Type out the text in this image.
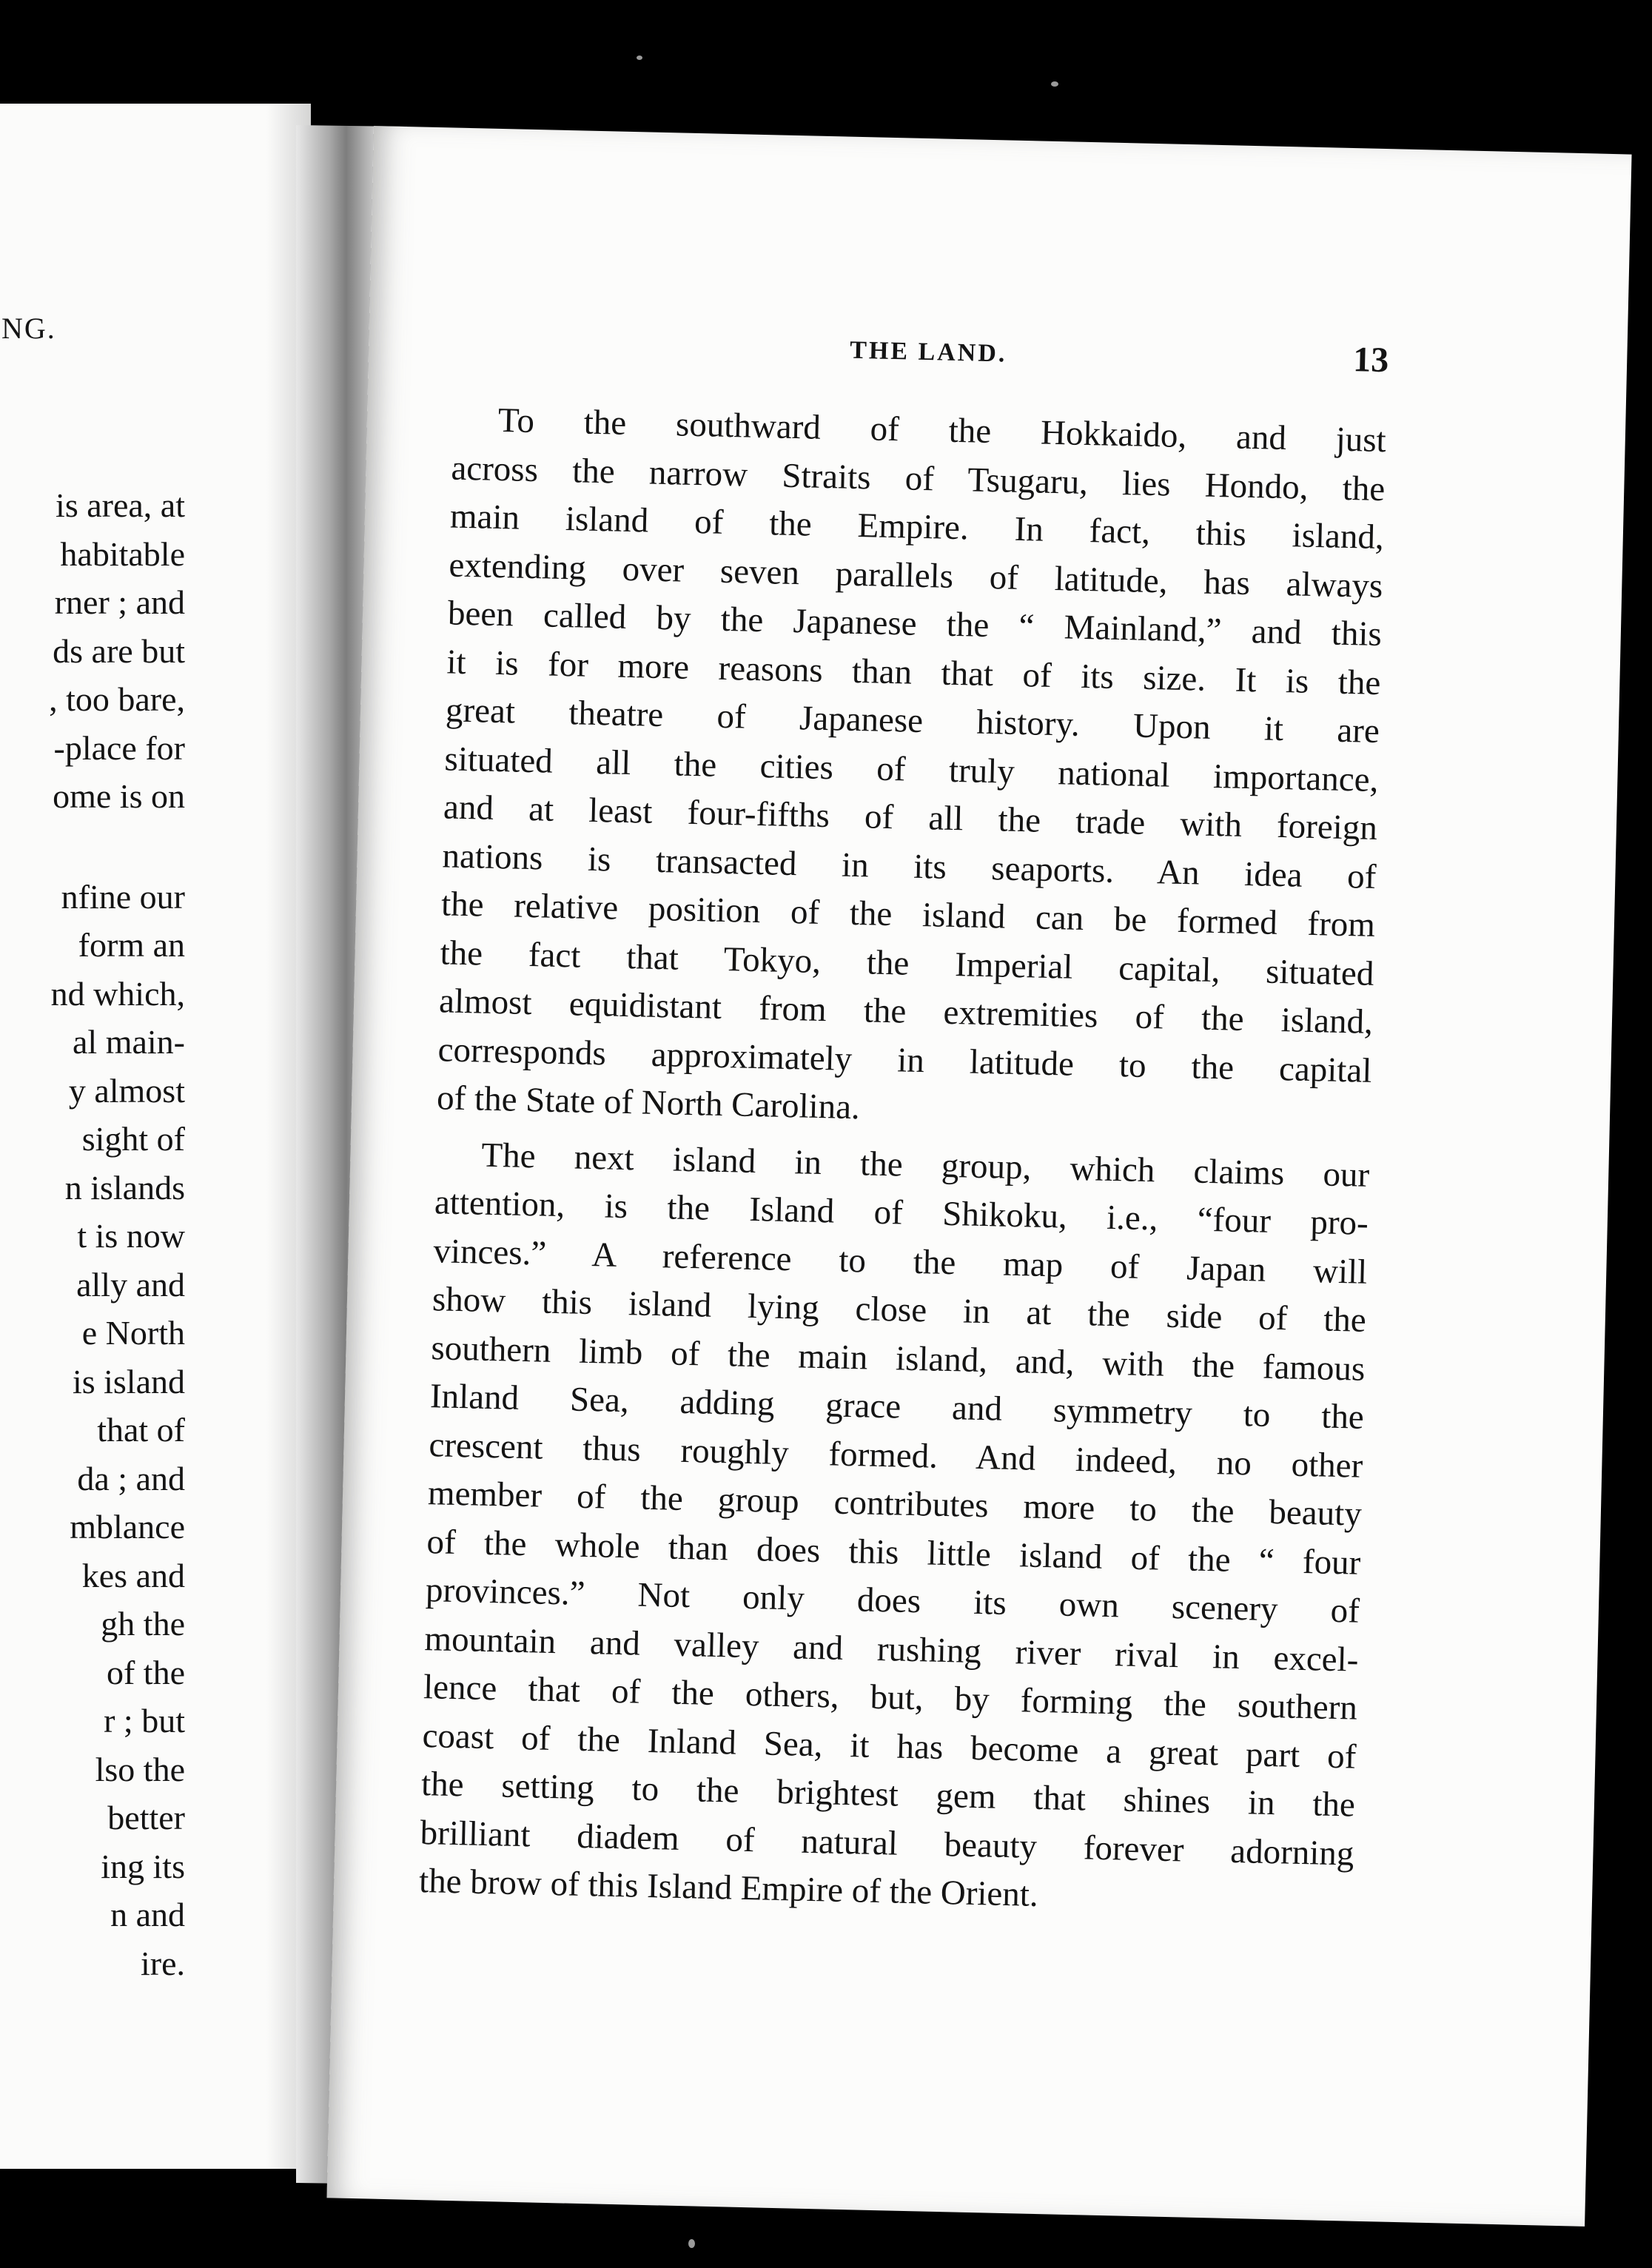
NG.
is area, at
habitable
rner ; and
ds are but
, too bare,
-place for
ome is on
nfine our
form an
nd which,
al main-
y almost
sight of
n islands
t is now
ally and
e North
is island
that of
da ; and
mblance
kes and
gh the
of the
r ; but
lso the
better
ing its
n and
ire.
THE LAND.	13
To the southward of the Hokkaido, and just
across the narrow Straits of Tsugaru, lies Hondo, the
main island of the Empire. In fact, this island,
extending over seven parallels of latitude, has always
been called by the Japanese the “ Mainland,” and this
it is for more reasons than that of its size. It is the
great theatre of Japanese history. Upon it are
situated all the cities of truly national importance,
and at least four-fifths of all the trade with foreign
nations is transacted in its seaports. An idea of
the relative position of the island can be formed from
the fact that Tokyo, the Imperial capital, situated
almost equidistant from the extremities of the island,
corresponds approximately in latitude to the capital
of the State of North Carolina.
The next island in the group, which claims our
attention, is the Island of Shikoku, i.e., “four pro-
vinces.” A reference to the map of Japan will
show this island lying close in at the side of the
southern limb of the main island, and, with the famous
Inland Sea, adding grace and symmetry to the
crescent thus roughly formed. And indeed, no other
member of the group contributes more to the beauty
of the whole than does this little island of the “ four
provinces.” Not only does its own scenery of
mountain and valley and rushing river rival in excel-
lence that of the others, but, by forming the southern
coast of the Inland Sea, it has become a great part of
the setting to the brightest gem that shines in the
brilliant diadem of natural beauty forever adorning
the brow of this Island Empire of the Orient.
